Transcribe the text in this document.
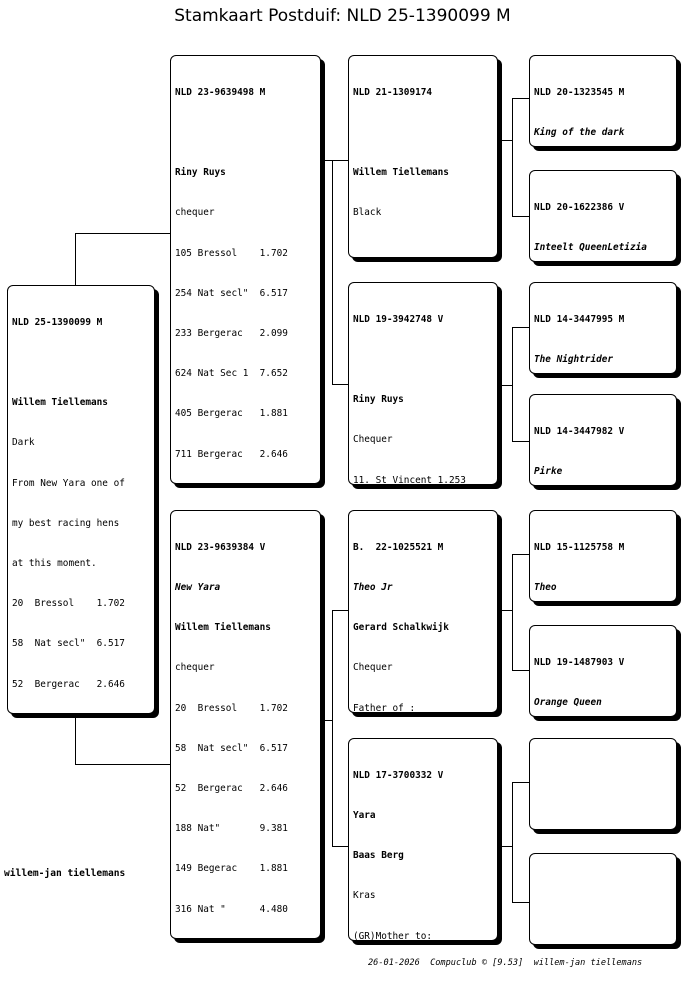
Stamkaart Postduif: NLD 25-1390099 M

NLD 25-1390099 M

Willem Tiellemans

Dark

From New Yara one of

my best racing hens

at this moment.

20  Bressol    1.702

58  Nat secl"  6.517

52  Bergerac   2.646

NLD 23-9639498 M

Riny Ruys

chequer

105 Bressol    1.702

254 Nat secl"  6.517

233 Bergerac   2.099

624 Nat Sec 1  7.652

405 Bergerac   1.881

711 Bergerac   2.646

NLD 23-9639384 V

New Yara

Willem Tiellemans

chequer

20  Bressol    1.702

58  Nat secl"  6.517

52  Bergerac   2.646

188 Nat"       9.381

149 Begerac    1.881

316 Nat "      4.480

NLD 21-1309174

Willem Tiellemans

Black

NLD 19-3942748 V

Riny Ruys

Chequer

11. St Vincent 1.253

B.  22-1025521 M

Theo Jr

Gerard Schalkwijk

Chequer

Father of :

NLD 17-3700332 V

Yara

Baas Berg

Kras

(GR)Mother to:

NLD 20-1323545 M

King of the dark

NLD 20-1622386 V

Inteelt QueenLetizia

NLD 14-3447995 M

The Nightrider

NLD 14-3447982 V

Pirke

NLD 15-1125758 M

Theo

NLD 19-1487903 V

Orange Queen

willem-jan tiellemans
26-01-2026  Compuclub © [9.53]  willem-jan tiellemans
